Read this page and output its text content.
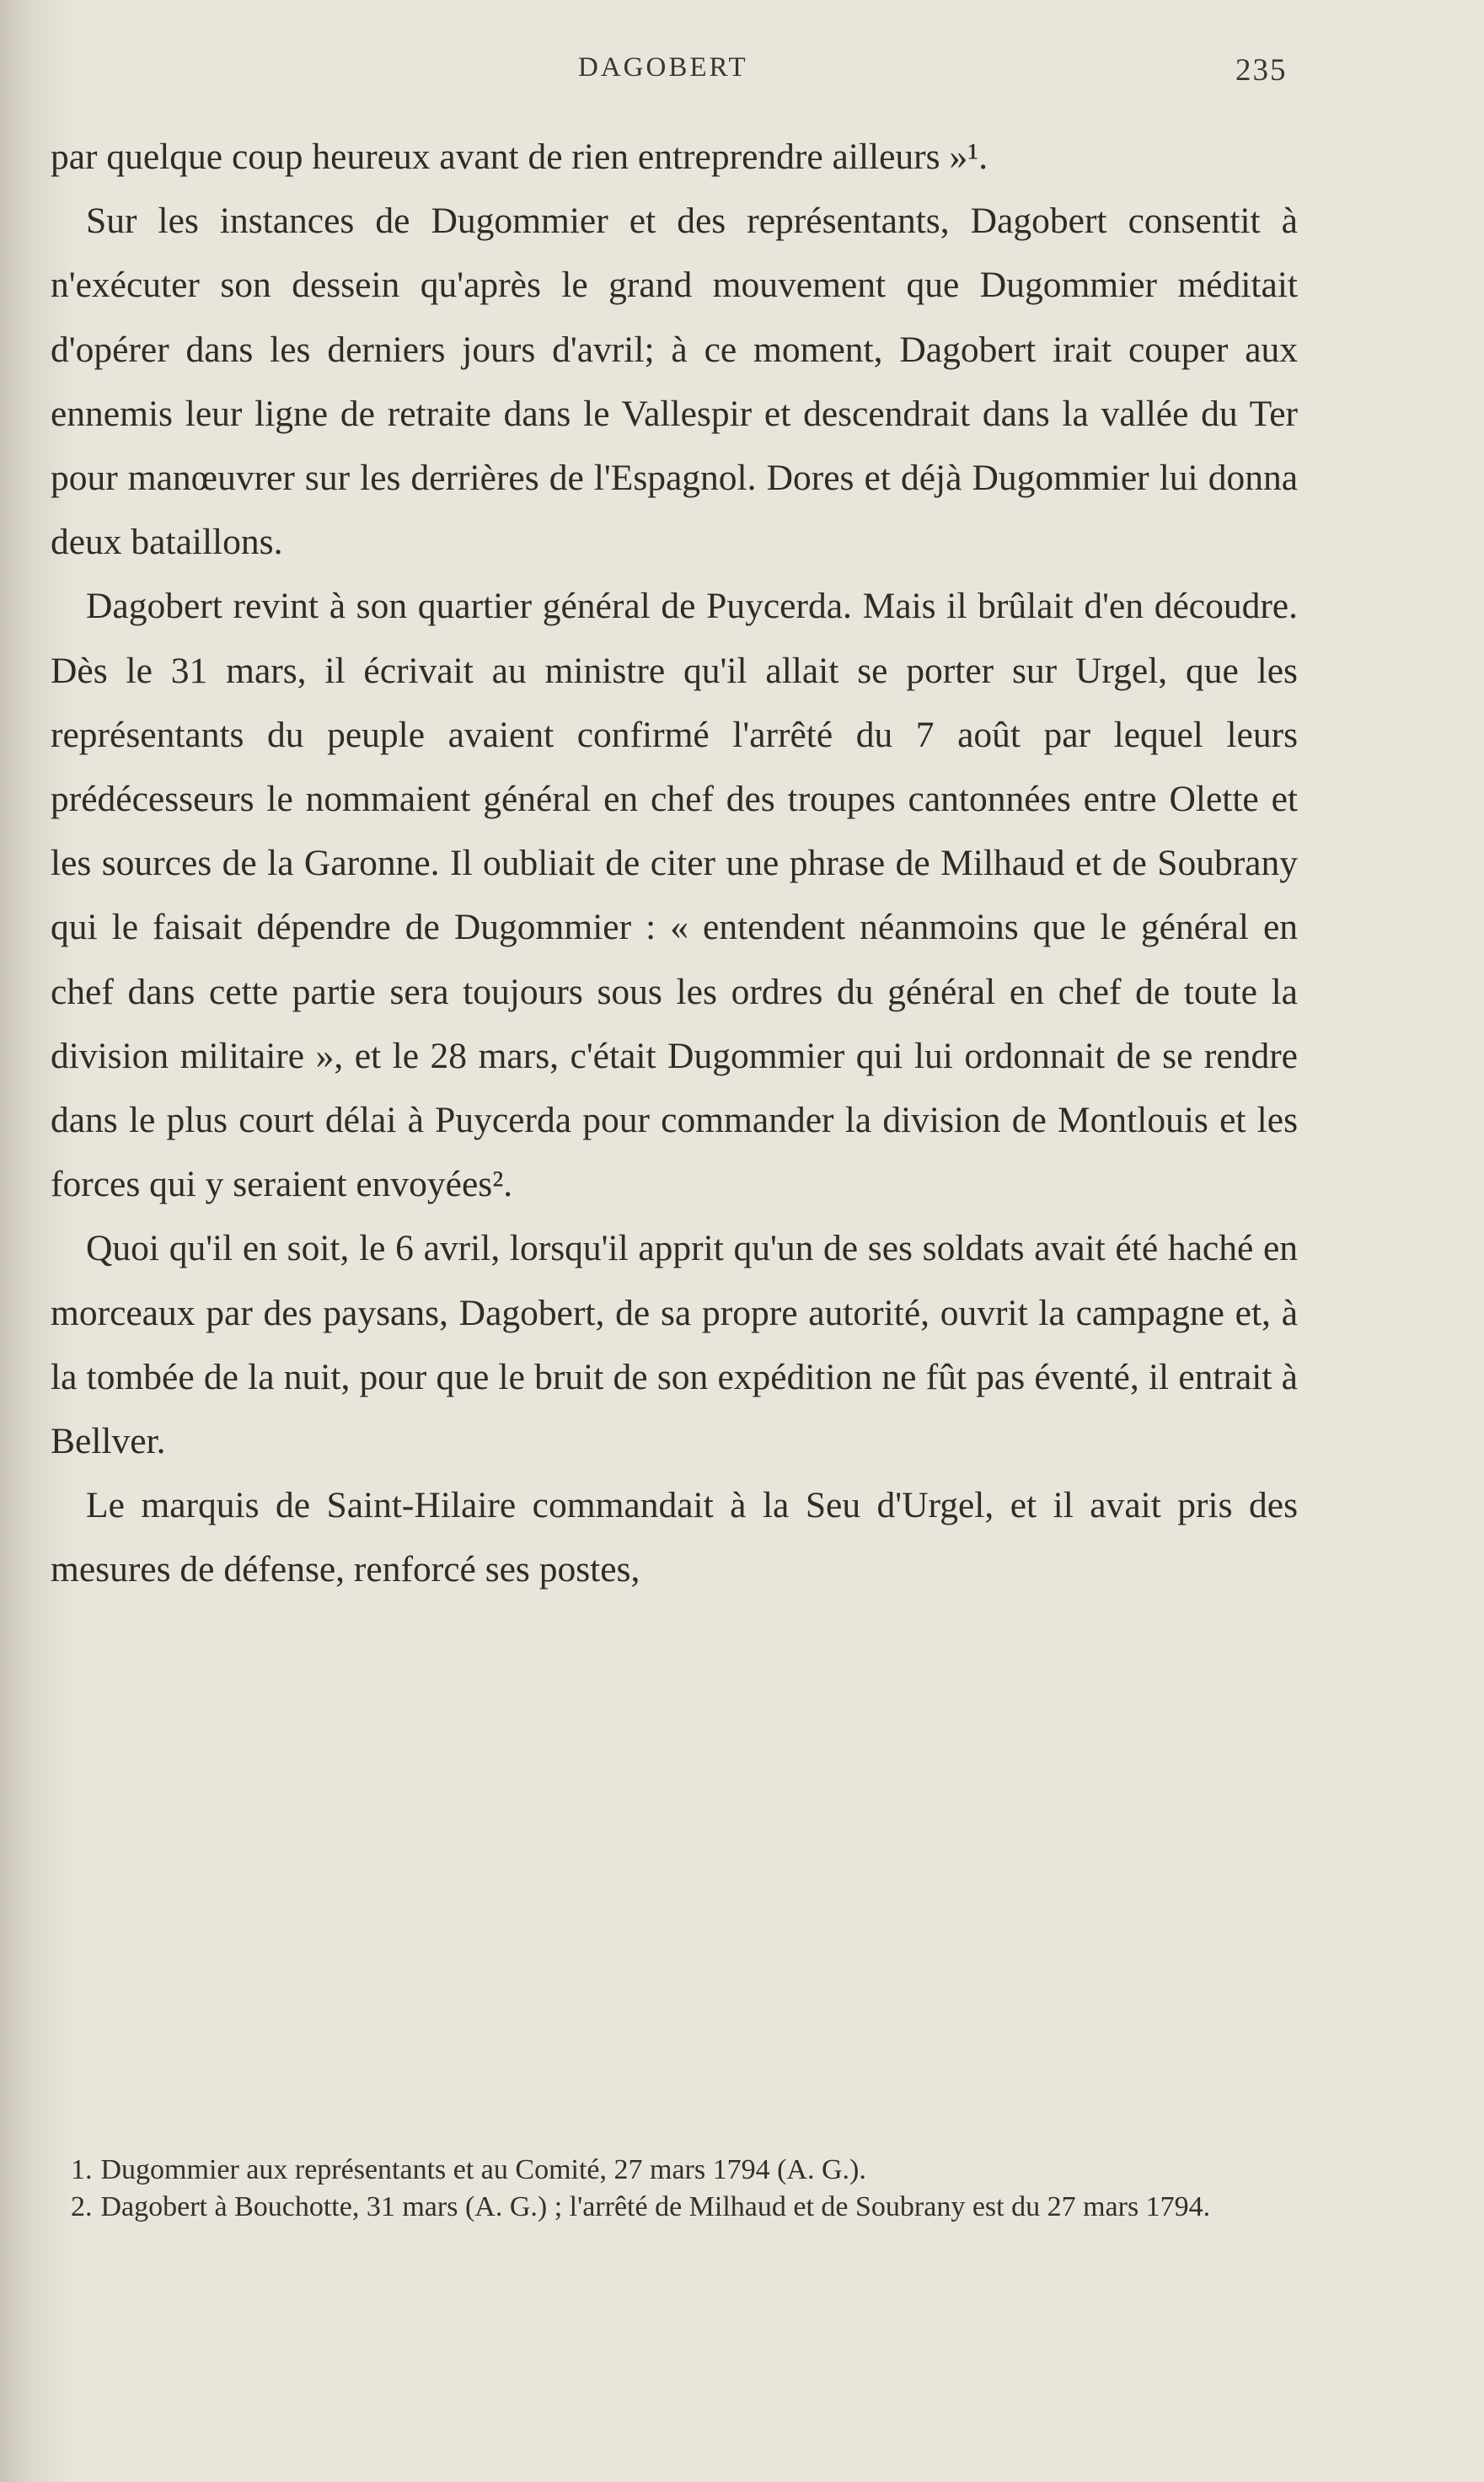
DAGOBERT	235

par quelque coup heureux avant de rien entreprendre ailleurs »¹.

Sur les instances de Dugommier et des représentants, Dagobert consentit à n'exécuter son dessein qu'après le grand mouvement que Dugommier méditait d'opérer dans les derniers jours d'avril; à ce moment, Dagobert irait couper aux ennemis leur ligne de retraite dans le Vallespir et descendrait dans la vallée du Ter pour manœuvrer sur les derrières de l'Espagnol. Dores et déjà Dugommier lui donna deux bataillons.

Dagobert revint à son quartier général de Puycerda. Mais il brûlait d'en découdre. Dès le 31 mars, il écrivait au ministre qu'il allait se porter sur Urgel, que les représentants du peuple avaient confirmé l'arrêté du 7 août par lequel leurs prédécesseurs le nommaient général en chef des troupes cantonnées entre Olette et les sources de la Garonne. Il oubliait de citer une phrase de Milhaud et de Soubrany qui le faisait dépendre de Dugommier : « entendent néanmoins que le général en chef dans cette partie sera toujours sous les ordres du général en chef de toute la division militaire », et le 28 mars, c'était Dugommier qui lui ordonnait de se rendre dans le plus court délai à Puycerda pour commander la division de Montlouis et les forces qui y seraient envoyées².

Quoi qu'il en soit, le 6 avril, lorsqu'il apprit qu'un de ses soldats avait été haché en morceaux par des paysans, Dagobert, de sa propre autorité, ouvrit la campagne et, à la tombée de la nuit, pour que le bruit de son expédition ne fût pas éventé, il entrait à Bellver.

Le marquis de Saint-Hilaire commandait à la Seu d'Urgel, et il avait pris des mesures de défense, renforcé ses postes,

1. Dugommier aux représentants et au Comité, 27 mars 1794 (A. G.).

2. Dagobert à Bouchotte, 31 mars (A. G.) ; l'arrêté de Milhaud et de Soubrany est du 27 mars 1794.
